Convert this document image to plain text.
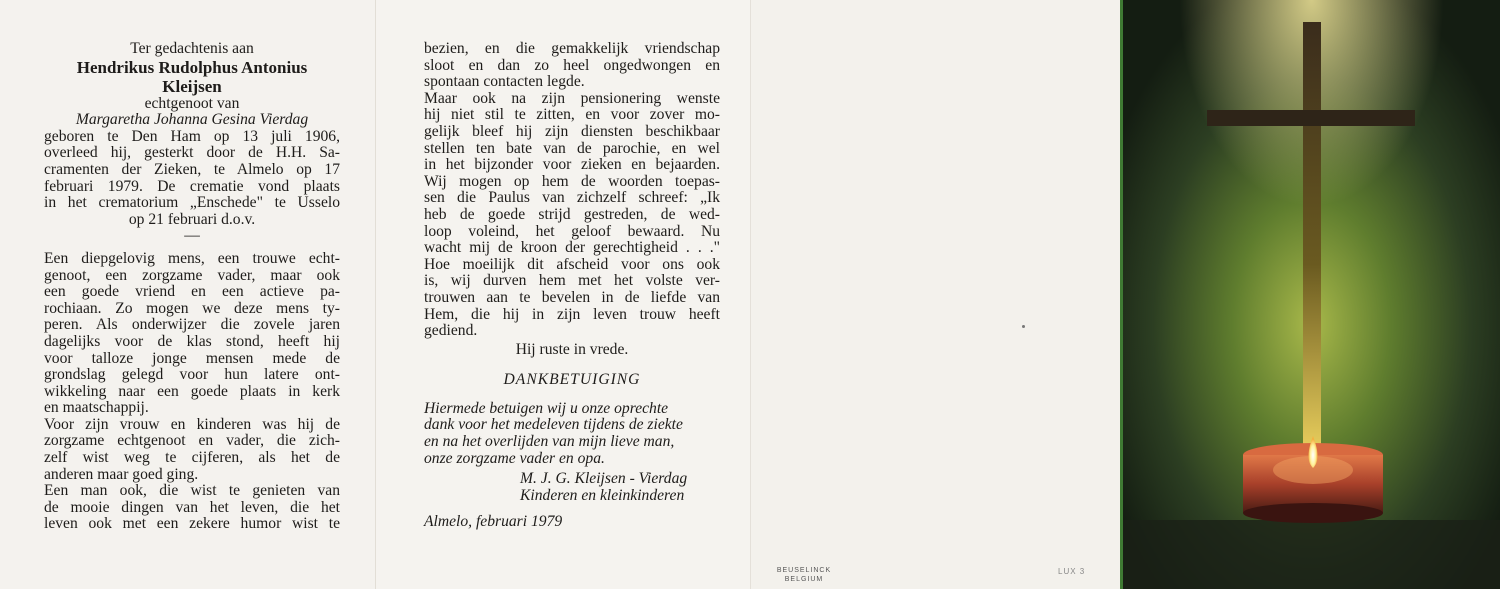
Ter gedachtenis aan
Hendrikus Rudolphus Antonius
Kleijsen
echtgenoot van
Margaretha Johanna Gesina Vierdag
geboren te Den Ham op 13 juli 1906,
overleed hij, gesterkt door de H.H. Sa-
cramenten der Zieken, te Almelo op 17
februari 1979. De crematie vond plaats
in het crematorium „Enschede" te Usselo
op 21 februari d.o.v.
—
Een diepgelovig mens, een trouwe echt-
genoot, een zorgzame vader, maar ook
een goede vriend en een actieve pa-
rochiaan. Zo mogen we deze mens ty-
peren. Als onderwijzer die zovele jaren
dagelijks voor de klas stond, heeft hij
voor talloze jonge mensen mede de
grondslag gelegd voor hun latere ont-
wikkeling naar een goede plaats in kerk
en maatschappij.
Voor zijn vrouw en kinderen was hij de
zorgzame echtgenoot en vader, die zich-
zelf wist weg te cijferen, als het de
anderen maar goed ging.
Een man ook, die wist te genieten van
de mooie dingen van het leven, die het
leven ook met een zekere humor wist te
bezien, en die gemakkelijk vriendschap
sloot en dan zo heel ongedwongen en
spontaan contacten legde.
Maar ook na zijn pensionering wenste
hij niet stil te zitten, en voor zover mo-
gelijk bleef hij zijn diensten beschikbaar
stellen ten bate van de parochie, en wel
in het bijzonder voor zieken en bejaarden.
Wij mogen op hem de woorden toepas-
sen die Paulus van zichzelf schreef: „Ik
heb de goede strijd gestreden, de wed-
loop voleind, het geloof bewaard. Nu
wacht mij de kroon der gerechtigheid . . ."
Hoe moeilijk dit afscheid voor ons ook
is, wij durven hem met het volste ver-
trouwen aan te bevelen in de liefde van
Hem, die hij in zijn leven trouw heeft
gediend.
Hij ruste in vrede.
DANKBETUIGING
Hiermede betuigen wij u onze oprechte
dank voor het medeleven tijdens de ziekte
en na het overlijden van mijn lieve man,
onze zorgzame vader en opa.
M. J. G. Kleijsen - Vierdag
Kinderen en kleinkinderen
Almelo, februari 1979
BEUSELINCK
BELGIUM
LUX 3
